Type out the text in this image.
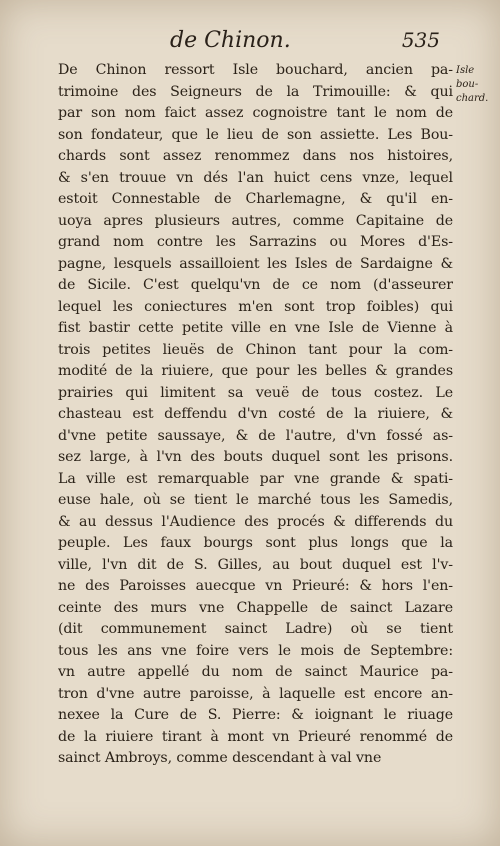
de Chinon.	535
Isle bou-
chard.
De Chinon ressort Isle bouchard, ancien pa-
trimoine des Seigneurs de la Trimouille: & qui
par son nom faict assez cognoistre tant le nom de
son fondateur, que le lieu de son assiette. Les Bou-
chards sont assez renommez dans nos histoires,
& s'en trouue vn dés l'an huict cens vnze, lequel
estoit Connestable de Charlemagne, & qu'il en-
uoya apres plusieurs autres, comme Capitaine de
grand nom contre les Sarrazins ou Mores d'Es-
pagne, lesquels assailloient les Isles de Sardaigne &
de Sicile. C'est quelqu'vn de ce nom (d'asseurer
lequel les coniectures m'en sont trop foibles) qui
fist bastir cette petite ville en vne Isle de Vienne à
trois petites lieuës de Chinon tant pour la com-
modité de la riuiere, que pour les belles & grandes
prairies qui limitent sa veuë de tous costez. Le
chasteau est deffendu d'vn costé de la riuiere, &
d'vne petite saussaye, & de l'autre, d'vn fossé as-
sez large, à l'vn des bouts duquel sont les prisons.
La ville est remarquable par vne grande & spati-
euse hale, où se tient le marché tous les Samedis,
& au dessus l'Audience des procés & differends du
peuple. Les faux bourgs sont plus longs que la
ville, l'vn dit de S. Gilles, au bout duquel est l'v-
ne des Paroisses auecque vn Prieuré: & hors l'en-
ceinte des murs vne Chappelle de sainct Lazare
(dit communement sainct Ladre) où se tient
tous les ans vne foire vers le mois de Septembre:
vn autre appellé du nom de sainct Maurice pa-
tron d'vne autre paroisse, à laquelle est encore an-
nexee la Cure de S. Pierre: & ioignant le riuage
de la riuiere tirant à mont vn Prieuré renommé de
sainct Ambroys, comme descendant à val vne
